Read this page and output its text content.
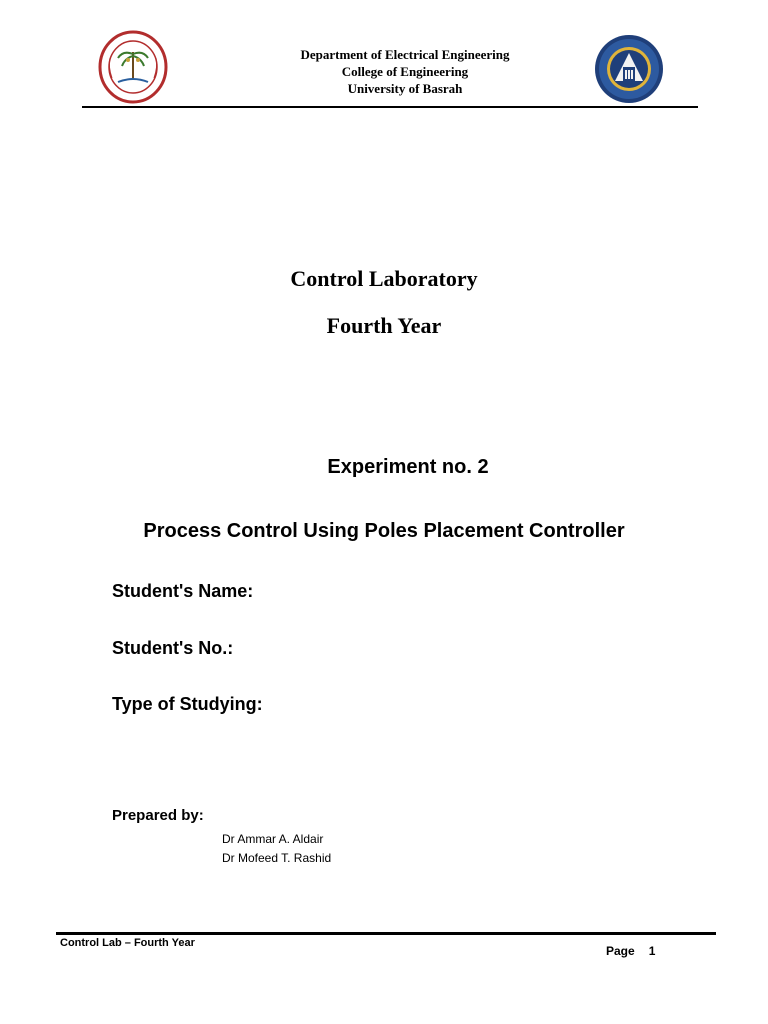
Department of Electrical Engineering
College of Engineering
University of Basrah
Control Laboratory
Fourth Year
Experiment no. 2
Process Control Using Poles Placement Controller
Student's Name:
Student's No.:
Type of Studying:
Prepared by:
Dr Ammar A. Aldair
Dr Mofeed T. Rashid
Control Lab – Fourth Year
Page 1
